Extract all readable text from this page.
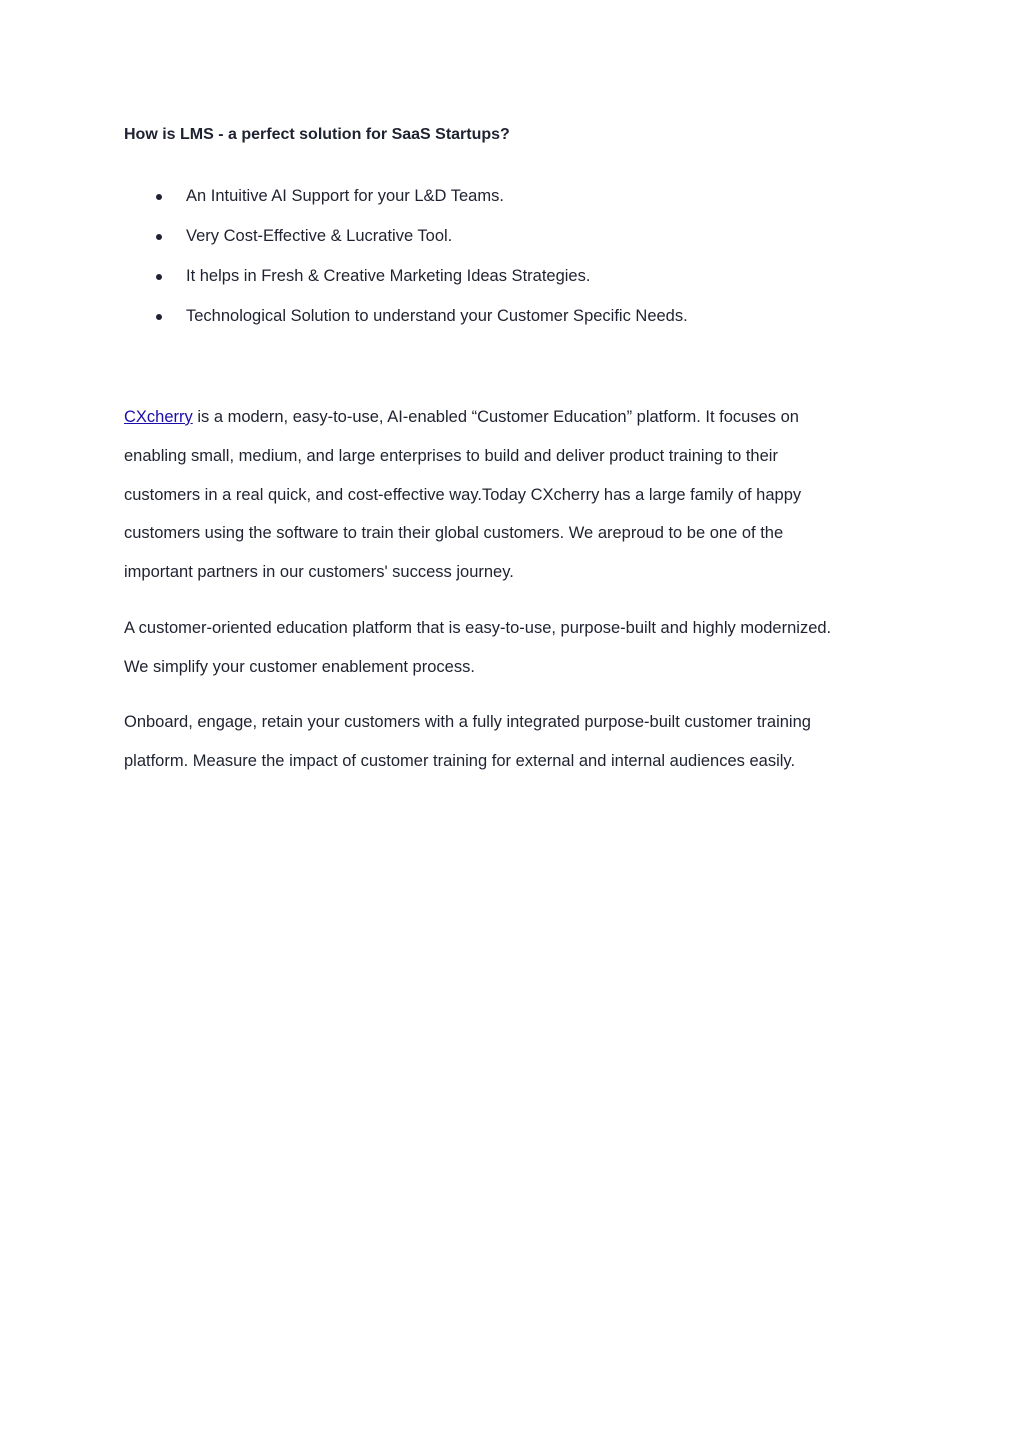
How is LMS - a perfect solution for SaaS Startups?
An Intuitive AI Support for your L&D Teams.
Very Cost-Effective & Lucrative Tool.
It helps in Fresh & Creative Marketing Ideas Strategies.
Technological Solution to understand your Customer Specific Needs.

CXcherry is a modern, easy-to-use, AI-enabled “Customer Education” platform. It focuses on
enabling small, medium, and large enterprises to build and deliver product training to their
customers in a real quick, and cost-effective way.Today CXcherry has a large family of happy
customers using the software to train their global customers. We areproud to be one of the
important partners in our customers' success journey.

A customer-oriented education platform that is easy-to-use, purpose-built and highly modernized.
We simplify your customer enablement process.

Onboard, engage, retain your customers with a fully integrated purpose-built customer training
platform. Measure the impact of customer training for external and internal audiences easily.
